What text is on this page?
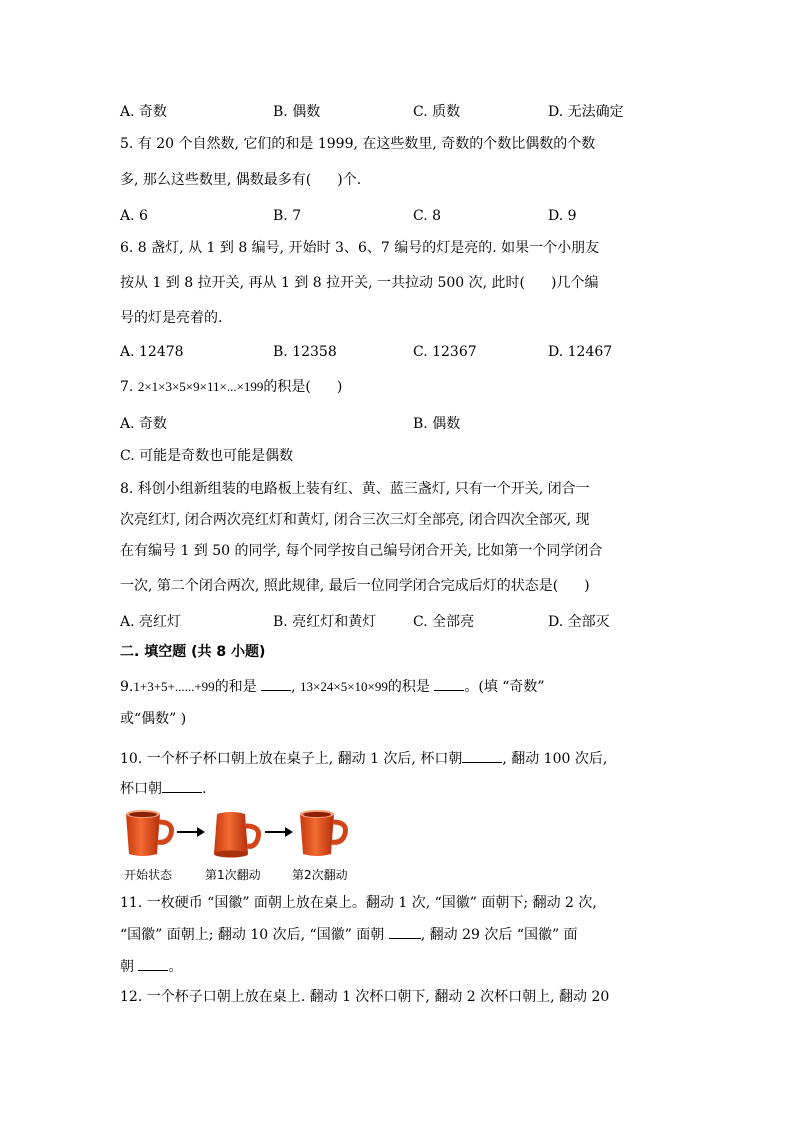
A. 奇数	B. 偶数	C. 质数	D. 无法确定
5. 有 20 个自然数, 它们的和是 1999, 在这些数里, 奇数的个数比偶数的个数
多, 那么这些数里, 偶数最多有( )个.
A. 6	B. 7	C. 8	D. 9
6. 8 盏灯, 从 1 到 8 编号, 开始时 3、6、7 编号的灯是亮的. 如果一个小朋友
按从 1 到 8 拉开关, 再从 1 到 8 拉开关, 一共拉动 500 次, 此时( )几个编
号的灯是亮着的.
A. 12478	B. 12358	C. 12367	D. 12467
7. 2×1×3×5×9×11×...×199的积是( )
A. 奇数	B. 偶数
C. 可能是奇数也可能是偶数
8. 科创小组新组装的电路板上装有红、黄、蓝三盏灯, 只有一个开关, 闭合一
次亮红灯, 闭合两次亮红灯和黄灯, 闭合三次三灯全部亮, 闭合四次全部灭, 现
在有编号 1 到 50 的同学, 每个同学按自己编号闭合开关, 比如第一个同学闭合
一次, 第二个闭合两次, 照此规律, 最后一位同学闭合完成后灯的状态是( )
A. 亮红灯	B. 亮红灯和黄灯	C. 全部亮	D. 全部灭
二. 填空题 (共 8 小题)
9.1+3+5+......+99的和是 , 13×24×5×10×99的积是 。(填 “奇数”
或“偶数” )
10. 一个杯子杯口朝上放在桌子上, 翻动 1 次后, 杯口朝	, 翻动 100 次后,
杯口朝	.
开始状态	第1次翻动	第2次翻动
11. 一枚硬币 “国徽” 面朝上放在桌上。翻动 1 次, “国徽” 面朝下; 翻动 2 次,
“国徽” 面朝上; 翻动 10 次后, “国徽” 面朝	, 翻动 29 次后 “国徽” 面
朝 。
12. 一个杯子口朝上放在桌上. 翻动 1 次杯口朝下, 翻动 2 次杯口朝上, 翻动 20
